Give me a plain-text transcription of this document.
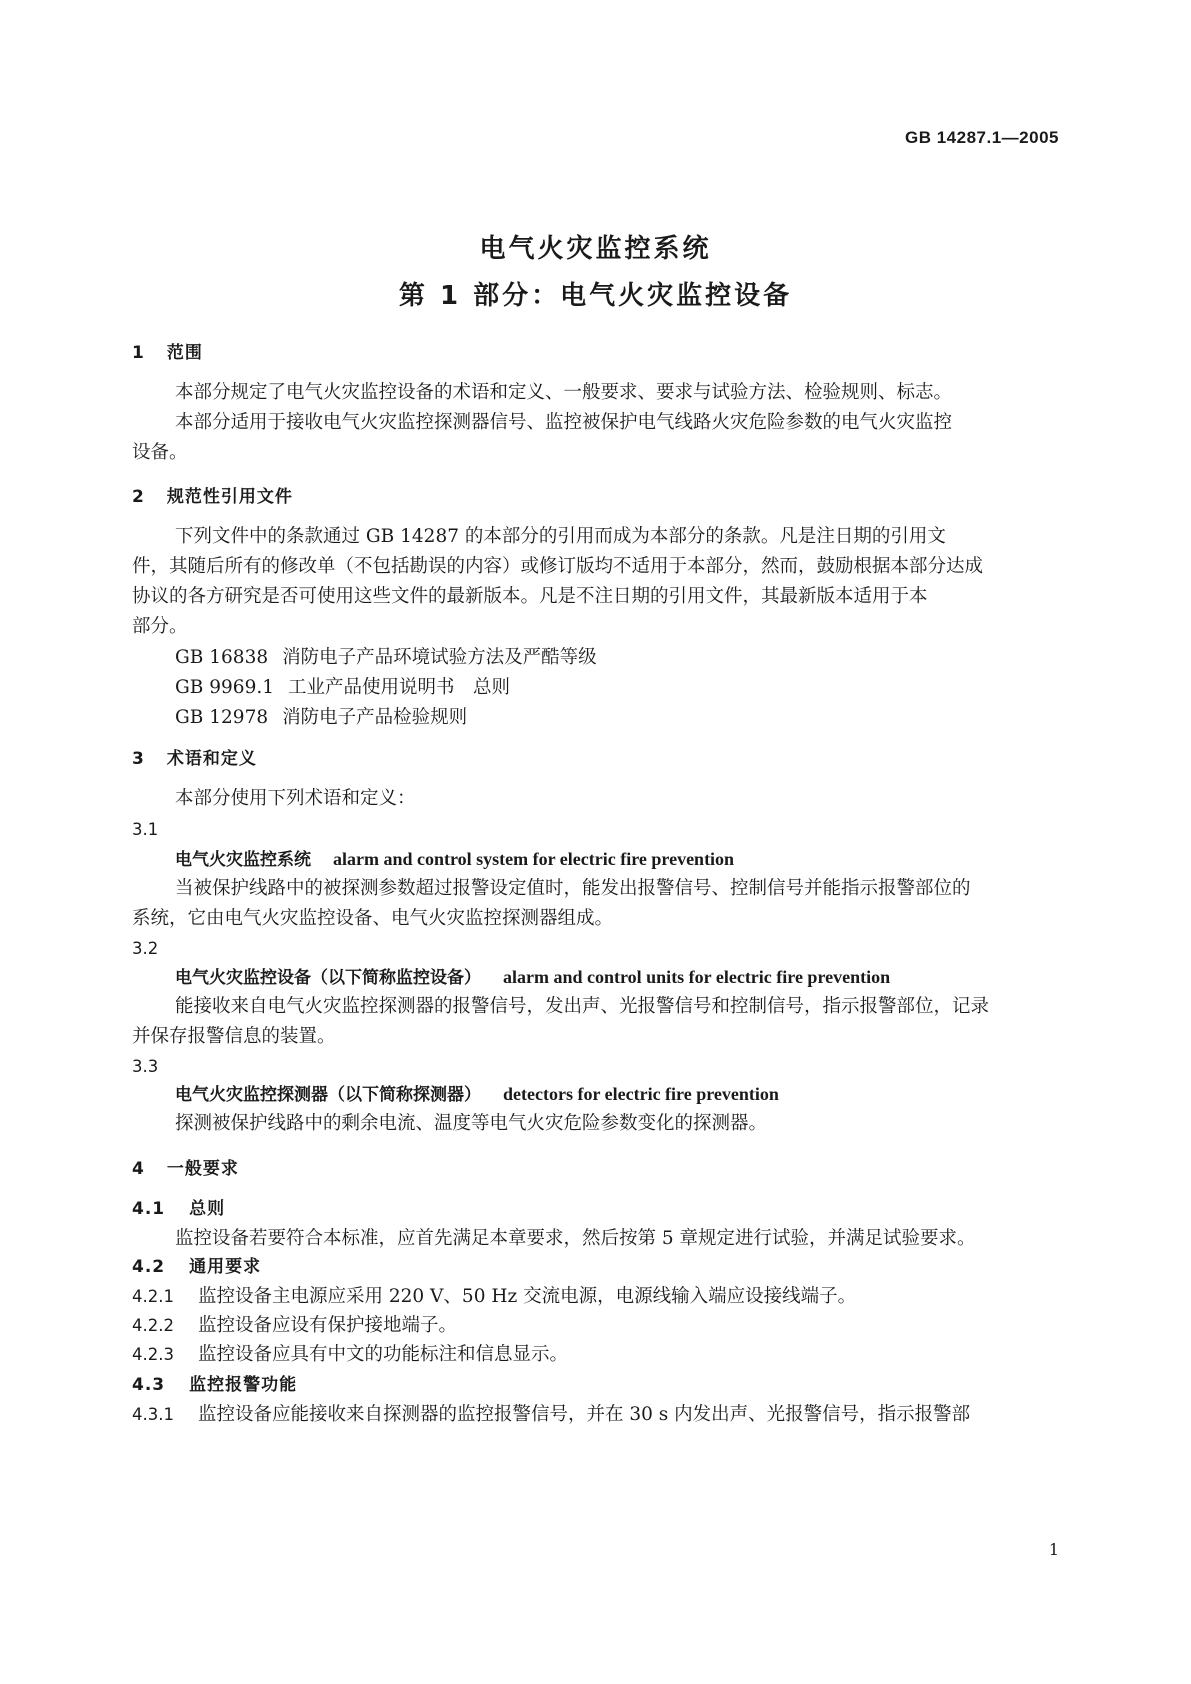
GB 14287.1—2005
电气火灾监控系统
第 1 部分：电气火灾监控设备
1 范围
本部分规定了电气火灾监控设备的术语和定义、一般要求、要求与试验方法、检验规则、标志。
本部分适用于接收电气火灾监控探测器信号、监控被保护电气线路火灾危险参数的电气火灾监控
设备。
2 规范性引用文件
下列文件中的条款通过 GB 14287 的本部分的引用而成为本部分的条款。凡是注日期的引用文
件，其随后所有的修改单（不包括勘误的内容）或修订版均不适用于本部分，然而，鼓励根据本部分达成
协议的各方研究是否可使用这些文件的最新版本。凡是不注日期的引用文件，其最新版本适用于本
部分。
GB 16838 消防电子产品环境试验方法及严酷等级
GB 9969.1 工业产品使用说明书　总则
GB 12978 消防电子产品检验规则
3 术语和定义
本部分使用下列术语和定义：
3.1
电气火灾监控系统 alarm and control system for electric fire prevention
当被保护线路中的被探测参数超过报警设定值时，能发出报警信号、控制信号并能指示报警部位的
系统，它由电气火灾监控设备、电气火灾监控探测器组成。
3.2
电气火灾监控设备（以下简称监控设备） alarm and control units for electric fire prevention
能接收来自电气火灾监控探测器的报警信号，发出声、光报警信号和控制信号，指示报警部位，记录
并保存报警信息的装置。
3.3
电气火灾监控探测器（以下简称探测器） detectors for electric fire prevention
探测被保护线路中的剩余电流、温度等电气火灾危险参数变化的探测器。
4 一般要求
4.1 总则
监控设备若要符合本标准，应首先满足本章要求，然后按第 5 章规定进行试验，并满足试验要求。
4.2 通用要求
4.2.1 监控设备主电源应采用 220 V、50 Hz 交流电源，电源线输入端应设接线端子。
4.2.2 监控设备应设有保护接地端子。
4.2.3 监控设备应具有中文的功能标注和信息显示。
4.3 监控报警功能
4.3.1 监控设备应能接收来自探测器的监控报警信号，并在 30 s 内发出声、光报警信号，指示报警部
1
